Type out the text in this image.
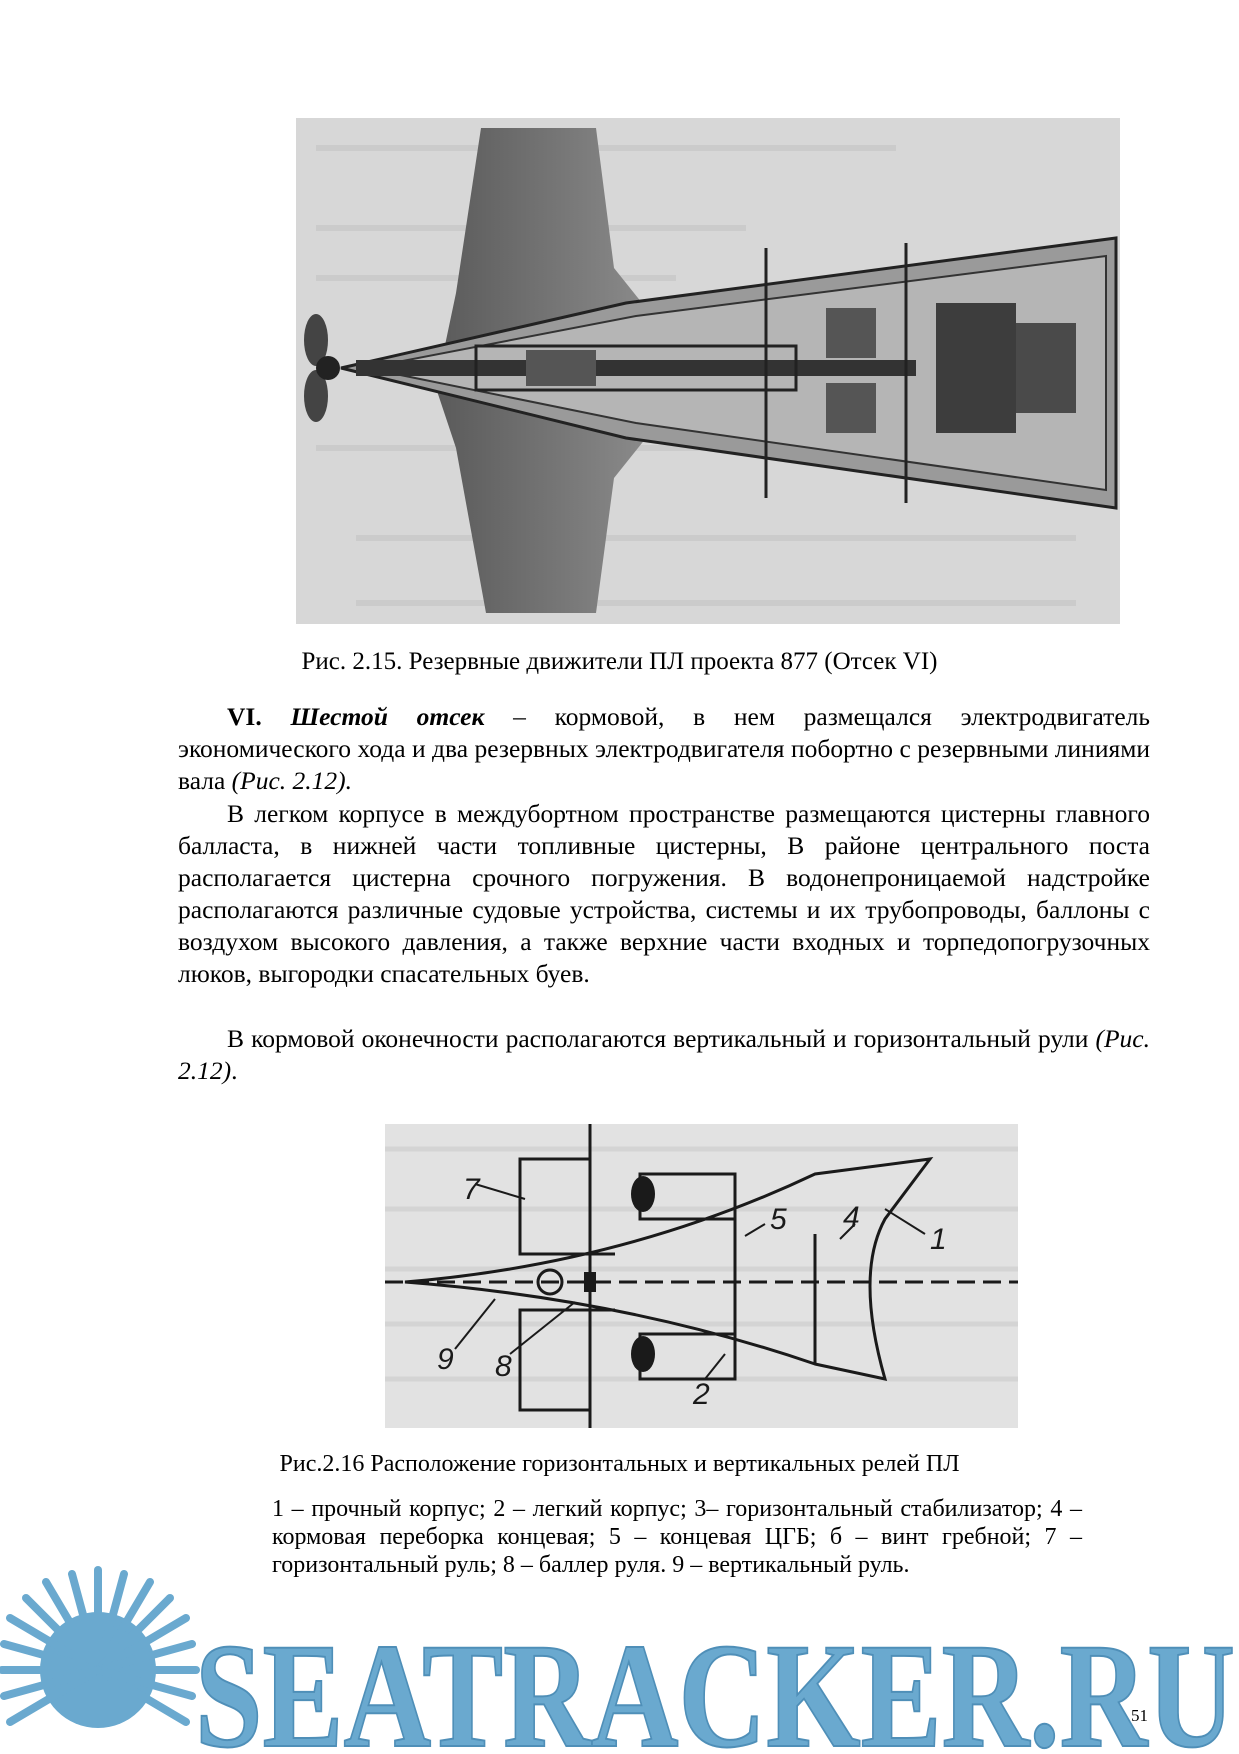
Рис. 2.15. Резервные движители ПЛ проекта 877 (Отсек VI)
VI. Шестой отсек – кормовой, в нем размещался электродвигатель экономического хода и два резервных электродвигателя побортно с резервными линиями вала (Рис. 2.12).
В легком корпусе в междубортном пространстве размещаются цистерны главного балласта, в нижней части топливные цистерны, В районе центрального поста располагается цистерна срочного погружения. В водонепроницаемой надстройке располагаются различные судовые устройства, системы и их трубопроводы, баллоны с воздухом высокого давления, а также верхние части входных и торпедопогрузочных люков, выгородки спасательных буев.
В кормовой оконечности располагаются вертикальный и горизонтальный рули (Рис. 2.12).
7
5 4
1
9 8
2
Рис.2.16 Расположение горизонтальных и вертикальных релей ПЛ
1 – прочный корпус; 2 – легкий корпус; 3– горизонтальный стабилизатор; 4 – кормовая переборка концевая; 5 – концевая ЦГБ; б – винт гребной; 7 –горизонтальный руль; 8 – баллер руля. 9 – вертикальный руль.
SEATRACKER.RU
51
